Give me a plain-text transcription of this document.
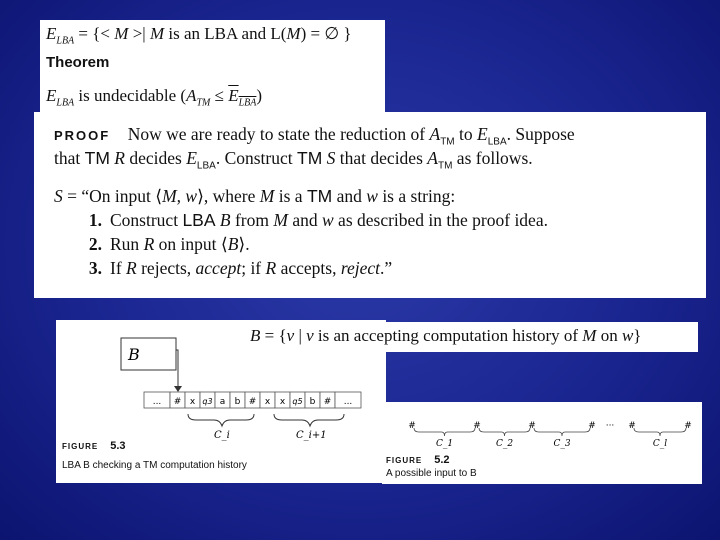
$E_{LBA}$ = {< M >| M is an LBA and L(M) = ∅ }
Theorem
$E_{LBA}$ is undecidable $(A_{TM} \le E_{LBA})$
PROOF    Now we are ready to state the reduction of $A_{TM}$ to $E_{LBA}$. Suppose
that TM R decides $E_{LBA}$. Construct TM S that decides $A_{TM}$ as follows.
S = “On input ⟨M, w⟩, where M is a TM and w is a string:
1. Construct LBA B from M and w as described in the proof idea.
2. Run R on input ⟨B⟩.
3. If R rejects, accept; if R accepts, reject.”
B
... # x q3 a b # x x q5 b # ...
C_i	C_i+1
FIGURE 5.3
LBA B checking a TM computation history
#	#	#	# ··· #	#
C_1	C_2	C_3	C_l
FIGURE 5.2
A possible input to B
B = {v | v is an accepting computation history of M on w}
